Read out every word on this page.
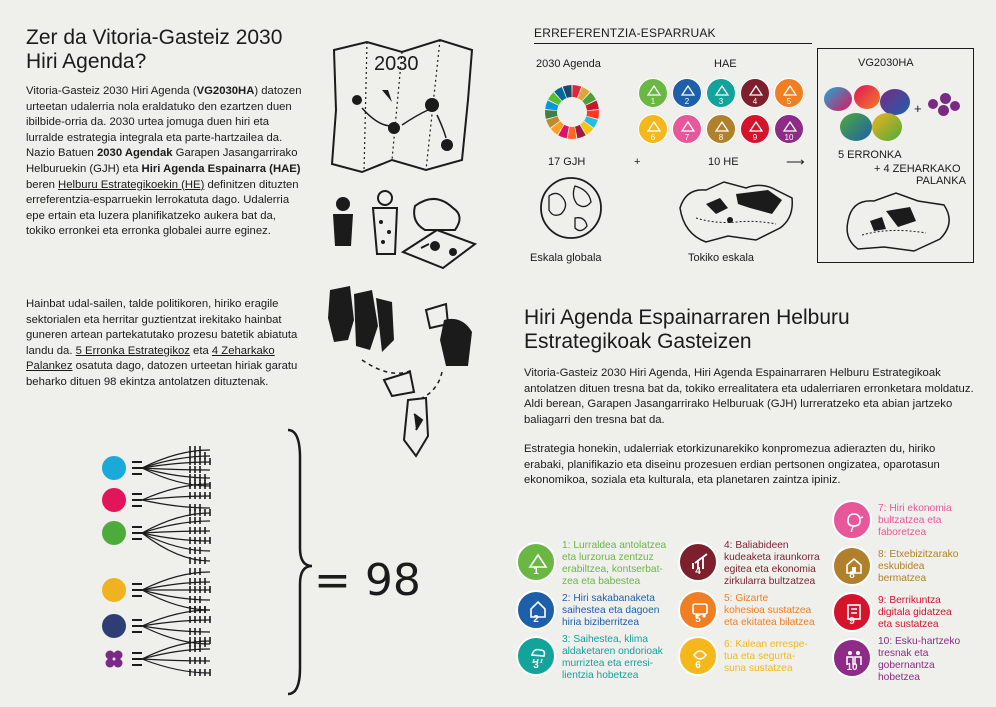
Zer da Vitoria-Gasteiz 2030 Hiri Agenda?
Vitoria-Gasteiz 2030 Hiri Agenda (VG2030HA) datozen urteetan udalerria nola eraldatuko den ezartzen duen ibilbide-orria da. 2030 urtea jomuga duen hiri eta lurralde estrategia integrala eta parte-hartzailea da. Nazio Batuen 2030 Agendak Garapen Jasangarrirako Helburuekin (GJH) eta Hiri Agenda Espainarra (HAE) beren Helburu Estrategikoekin (HE) definitzen dituzten erreferentzia-esparruekin lerrokatuta dago. Udalerria epe ertain eta luzera planifikatzeko aukera bat da, tokiko erronkei eta erronka globalei aurre eginez.
Hainbat udal-sailen, talde politikoren, hiriko eragile sektorialen eta herritar guztientzat irekitako hainbat guneren artean partekatutako prozesu batetik abiatuta landu da. 5 Erronka Estrategikoz eta 4 Zeharkako Palankez osatuta dago, datozen urteetan hiriak garatu beharko dituen 98 ekintza antolatzen dituztenak.
2030
= 98
ERREFERENTZIA-ESPARRUAK
2030 Agenda	HAE
1	2	3	4	5
6	7	8	9	10
17 GJH	+	10 HE	⟶
Eskala globala	Tokiko eskala
VG2030HA
+
5 ERRONKA
+ 4 ZEHARKAKO
PALANKA
Hiri Agenda Espainarraren Helburu Estrategikoak Gasteizen
Vitoria-Gasteiz 2030 Hiri Agenda, Hiri Agenda Espainarraren Helburu Estrategikoak antolatzen dituen tresna bat da, tokiko errealitatera eta udalerriaren erronketara moldatuz. Aldi berean, Garapen Jasangarrirako Helburuak (GJH) lurreratzeko eta abian jartzeko baliagarri den tresna bat da.
Estrategia honekin, udalerriak etorkizunarekiko konpromezua adierazten du, hiriko erabaki, planifikazio eta diseinu prozesuen erdian pertsonen ongizatea, oparotasun ekonomikoa, soziala eta kulturala, eta planetaren zaintza ipiniz.
1
1: Lurraldea antolatzea
eta lurzorua zentzuz
erabiltzea, kontserbat-
zea eta babestea
2
2: Hiri sakabanaketa
saihestea eta dagoen
hiria biziberritzea
3
3: Saihestea, klima
aldaketaren ondorioak
murriztea eta erresi-
lientzia hobetzea
4
4: Baliabideen
kudeaketa iraunkorra
egitea eta ekonomia
zirkularra bultzatzea
5
5: Gizarte
kohesioa sustatzea
eta ekitatea bilatzea
6
6: Kalean errespe-
tua eta segurta-
suna sustatzea
7
7: Hiri ekonomia
bultzatzea eta
faboretzea
8
8: Etxebizitzarako
eskubidea
bermatzea
9
9: Berrikuntza
digitala gidatzea
eta sustatzea
10
10: Esku-hartzeko
tresnak eta
gobernantza
hobetzea
